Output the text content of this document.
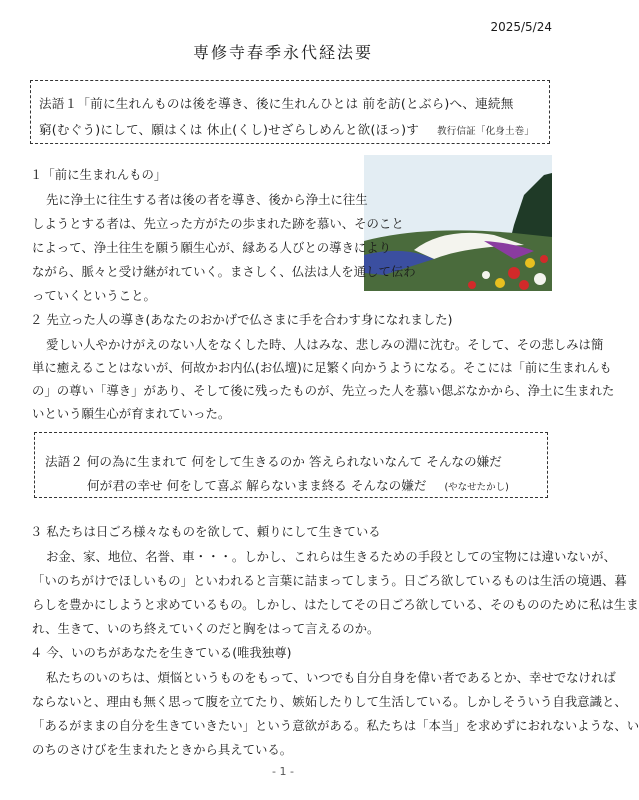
2025/5/24
専修寺春季永代経法要
法語１「前に生れんものは後を導き、後に生れんひとは 前を訪(とぶら)へ、連続無
窮(むぐう)にして、願はくは 休止(くし)せざらしめんと欲(ほっ)す 教行信証「化身土巻」
１「前に生まれんもの」
先に浄土に往生する者は後の者を導き、後から浄土に往生
しようとする者は、先立った方がたの歩まれた跡を慕い、そのこと
によって、浄土往生を願う願生心が、縁ある人びとの導きにより
ながら、脈々と受け継がれていく。まさしく、仏法は人を通して伝わ
っていくということ。
２ 先立った人の導き(あなたのおかげで仏さまに手を合わす身になれました)
愛しい人やかけがえのない人をなくした時、人はみな、悲しみの淵に沈む。そして、その悲しみは簡
単に癒えることはないが、何故かお内仏(お仏壇)に足繁く向かうようになる。そこには「前に生まれんも
の」の尊い「導き」があり、そして後に残ったものが、先立った人を慕い偲ぶなかから、浄土に生まれた
いという願生心が育まれていった。
法語２ 何の為に生まれて 何をして生きるのか 答えられないなんて そんなの嫌だ
何が君の幸せ 何をして喜ぶ 解らないまま終る そんなの嫌だ (やなせたかし)
３ 私たちは日ごろ様々なものを欲して、頼りにして生きている
お金、家、地位、名誉、車・・・。しかし、これらは生きるための手段としての宝物には違いないが、
「いのちがけでほしいもの」といわれると言葉に詰まってしまう。日ごろ欲しているものは生活の境遇、暮
らしを豊かにしようと求めているもの。しかし、はたしてその日ごろ欲している、そのもののために私は生ま
れ、生きて、いのち終えていくのだと胸をはって言えるのか。
４ 今、いのちがあなたを生きている(唯我独尊)
私たちのいのちは、煩悩というものをもって、いつでも自分自身を偉い者であるとか、幸せでなければ
ならないと、理由も無く思って腹を立てたり、嫉妬したりして生活している。しかしそういう自我意識と、
「あるがままの自分を生きていきたい」という意欲がある。私たちは「本当」を求めずにおれないような、い
のちのさけびを生まれたときから具えている。
- 1 -
